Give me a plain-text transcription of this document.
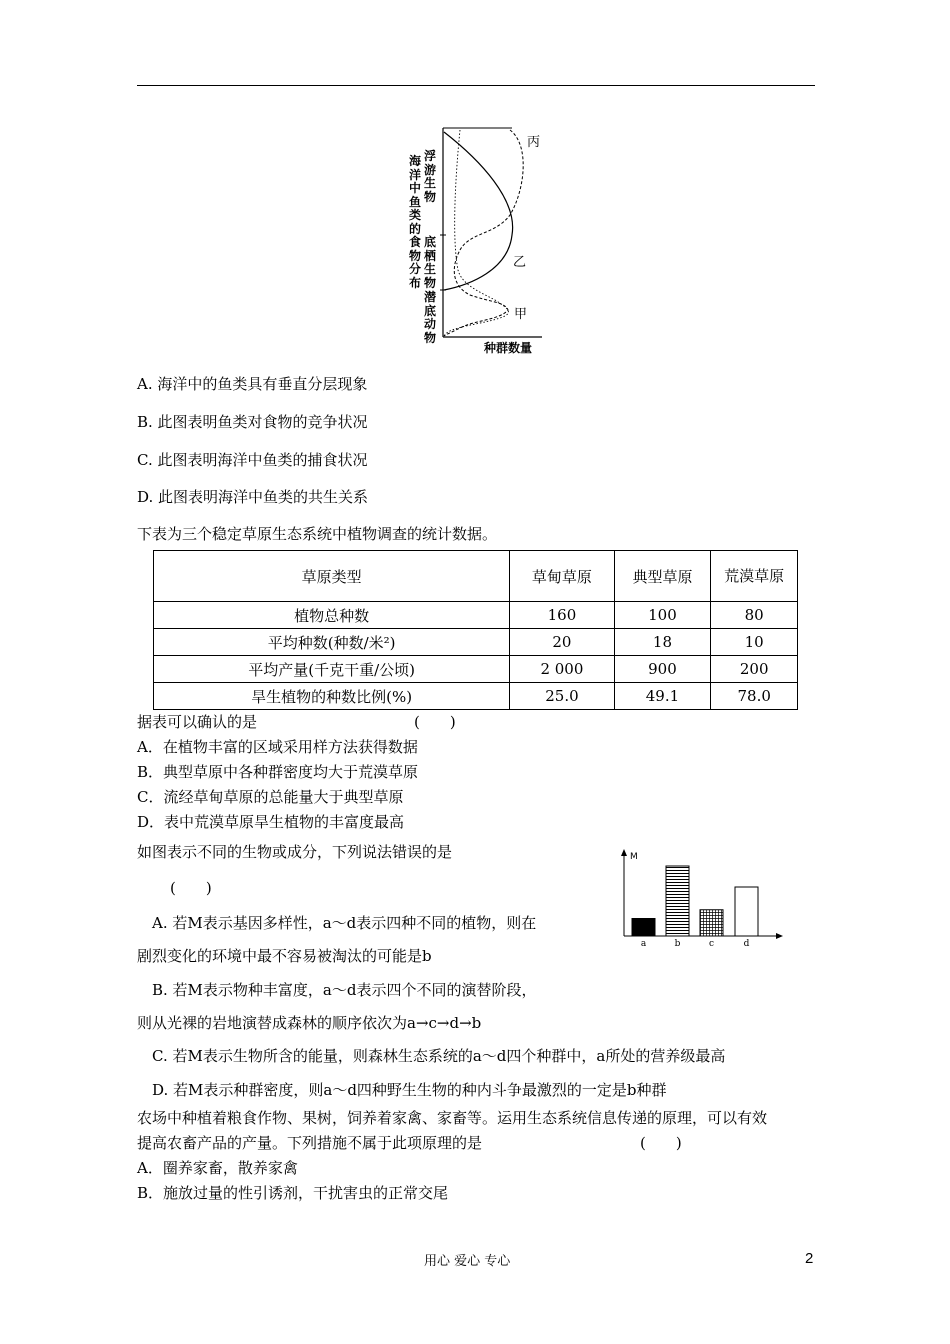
海洋中鱼类的食物分布
浮游生物
底栖生物
潜底动物
丙
乙
甲
种群数量
A. 海洋中的鱼类具有垂直分层现象
B. 此图表明鱼类对食物的竞争状况
C. 此图表明海洋中鱼类的捕食状况
D. 此图表明海洋中鱼类的共生关系
下表为三个稳定草原生态系统中植物调查的统计数据。
草原类型	草甸草原	典型草原	荒漠草原
植物总种数	160	100	80
平均种数(种数/米²)	20	18	10
平均产量(千克干重/公顷)	2 000	900	200
旱生植物的种数比例(%)	25.0	49.1	78.0
据表可以确认的是	(　　)
A．在植物丰富的区域采用样方法获得数据
B．典型草原中各种群密度均大于荒漠草原
C．流经草甸草原的总能量大于典型草原
D．表中荒漠草原旱生植物的丰富度最高
如图表示不同的生物或成分，下列说法错误的是
(　　)
M
a	b	c	d
A. 若M表示基因多样性，a～d表示四种不同的植物，则在
剧烈变化的环境中最不容易被淘汰的可能是b
B. 若M表示物种丰富度，a～d表示四个不同的演替阶段，
则从光裸的岩地演替成森林的顺序依次为a→c→d→b
C. 若M表示生物所含的能量，则森林生态系统的a～d四个种群中，a所处的营养级最高
D. 若M表示种群密度，则a～d四种野生生物的种内斗争最激烈的一定是b种群
农场中种植着粮食作物、果树，饲养着家禽、家畜等。运用生态系统信息传递的原理，可以有效
提高农畜产品的产量。下列措施不属于此项原理的是	(　　)
A．圈养家畜，散养家禽
B．施放过量的性引诱剂，干扰害虫的正常交尾
用心 爱心 专心	2
